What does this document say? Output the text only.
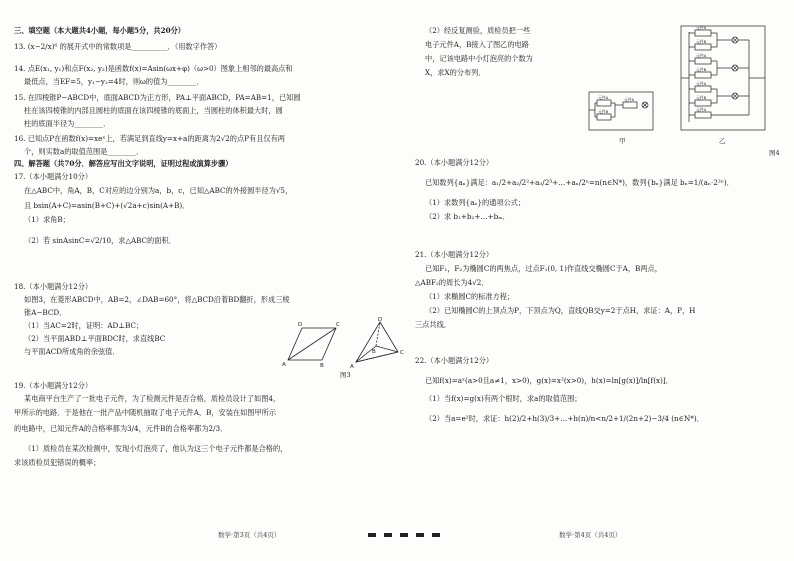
三、填空题（本大题共4小题，每小题5分，共20分）
13. (x−2/x)⁶ 的展开式中的常数项是__________．（用数字作答）
14. 点E(x₁, y₁)和点F(x₂, y₂)是函数f(x)=Asin(ωx+φ)（ω>0）图象上相邻的最高点和
最低点，当EF=5，y₁−y₂=4时，则ω的值为________．
15. 在四棱锥P−ABCD中，底面ABCD为正方形，PA⊥平面ABCD，PA=AB=1，已知圆
柱在该四棱锥的内部且圆柱的底面在该四棱锥的底面上，当圆柱的体积最大时，圆
柱的底面半径为________．
16. 已知点P在函数f(x)=xeˣ上，若满足到直线y=x+a的距离为2√2的点P有且仅有两
个，则实数a的取值范围是________．
四、解答题（共70分．解答应写出文字说明，证明过程或演算步骤）
17.（本小题满分10分）
在△ABC中，角A，B，C对应的边分别为a，b，c，已知△ABC的外接圆半径为√5，
且 bsin(A+C)=asin(B+C)+(√2a+c)sin(A+B)．
（1）求角B；
（2）若 sinAsinC=√2/10，求△ABC的面积．
18.（本小题满分12分）
如图3，在菱形ABCD中，AB=2，∠DAB=60°，将△BCD沿着BD翻折，形成三棱
锥A−BCD．
（1）当AC=2时，证明：AD⊥BC；
（2）当平面ABD⊥平面BDC时，求直线BC
与平面ACD所成角的余弦值．
A
D	C
B	A
D
C
B
图3
19.（本小题满分12分）
某电商平台生产了一批电子元件，为了检测元件是否合格，质检员设计了如图4，
甲所示的电路．于是他在一批产品中随机抽取了电子元件A，B，安装在如图甲所示
的电路中，已知元件A的合格率都为3/4，元件B的合格率都为2/3．
（1）质检员在某次检测中，发现小灯泡亮了，他认为这三个电子元件都是合格的，
求该质检员犯错误的概率；
数学·第3页（共4页）
（2）经反复测验，质检员把一些
电子元件A，B接入了图乙的电路
中，记该电路中小灯泡亮的个数为
X，求X的分布列．
元件A	元件A
元件B
甲
元件A
元件B
元件A
元件B
元件A
元件B
元件A
乙
图4
20.（本小题满分12分）
已知数列{aₙ}满足：a₁/2+a₂/2²+a₃/2³+…+aₙ/2ⁿ=n(n∈N*)，数列{bₙ}满足 bₙ=1/(aₙ·2²ⁿ)．
（1）求数列{aₙ}的通项公式；
（2）求 b₁+b₂+…+bₘ．
21.（本小题满分12分）
已知F₁，F₂为椭圆C的两焦点，过点F₁(0, 1)作直线交椭圆C于A，B两点，
△ABF₂的周长为4√2．
（1）求椭圆C的标准方程；
（2）已知椭圆C的上顶点为P，下顶点为Q，直线QB交y=2于点H，求证：A，P，H
三点共线．
22.（本小题满分12分）
已知f(x)=aˣ(a>0且a≠1，x>0)，g(x)=x²(x>0)，h(x)=ln[g(x)]/ln[f(x)]．
（1）当f(x)=g(x)有两个根时，求a的取值范围；
（2）当a=e²时，求证：h(2)/2+h(3)/3+…+h(n)/n<n/2+1/(2n+2)−3/4 (n∈N*)．
数学·第4页（共4页）
